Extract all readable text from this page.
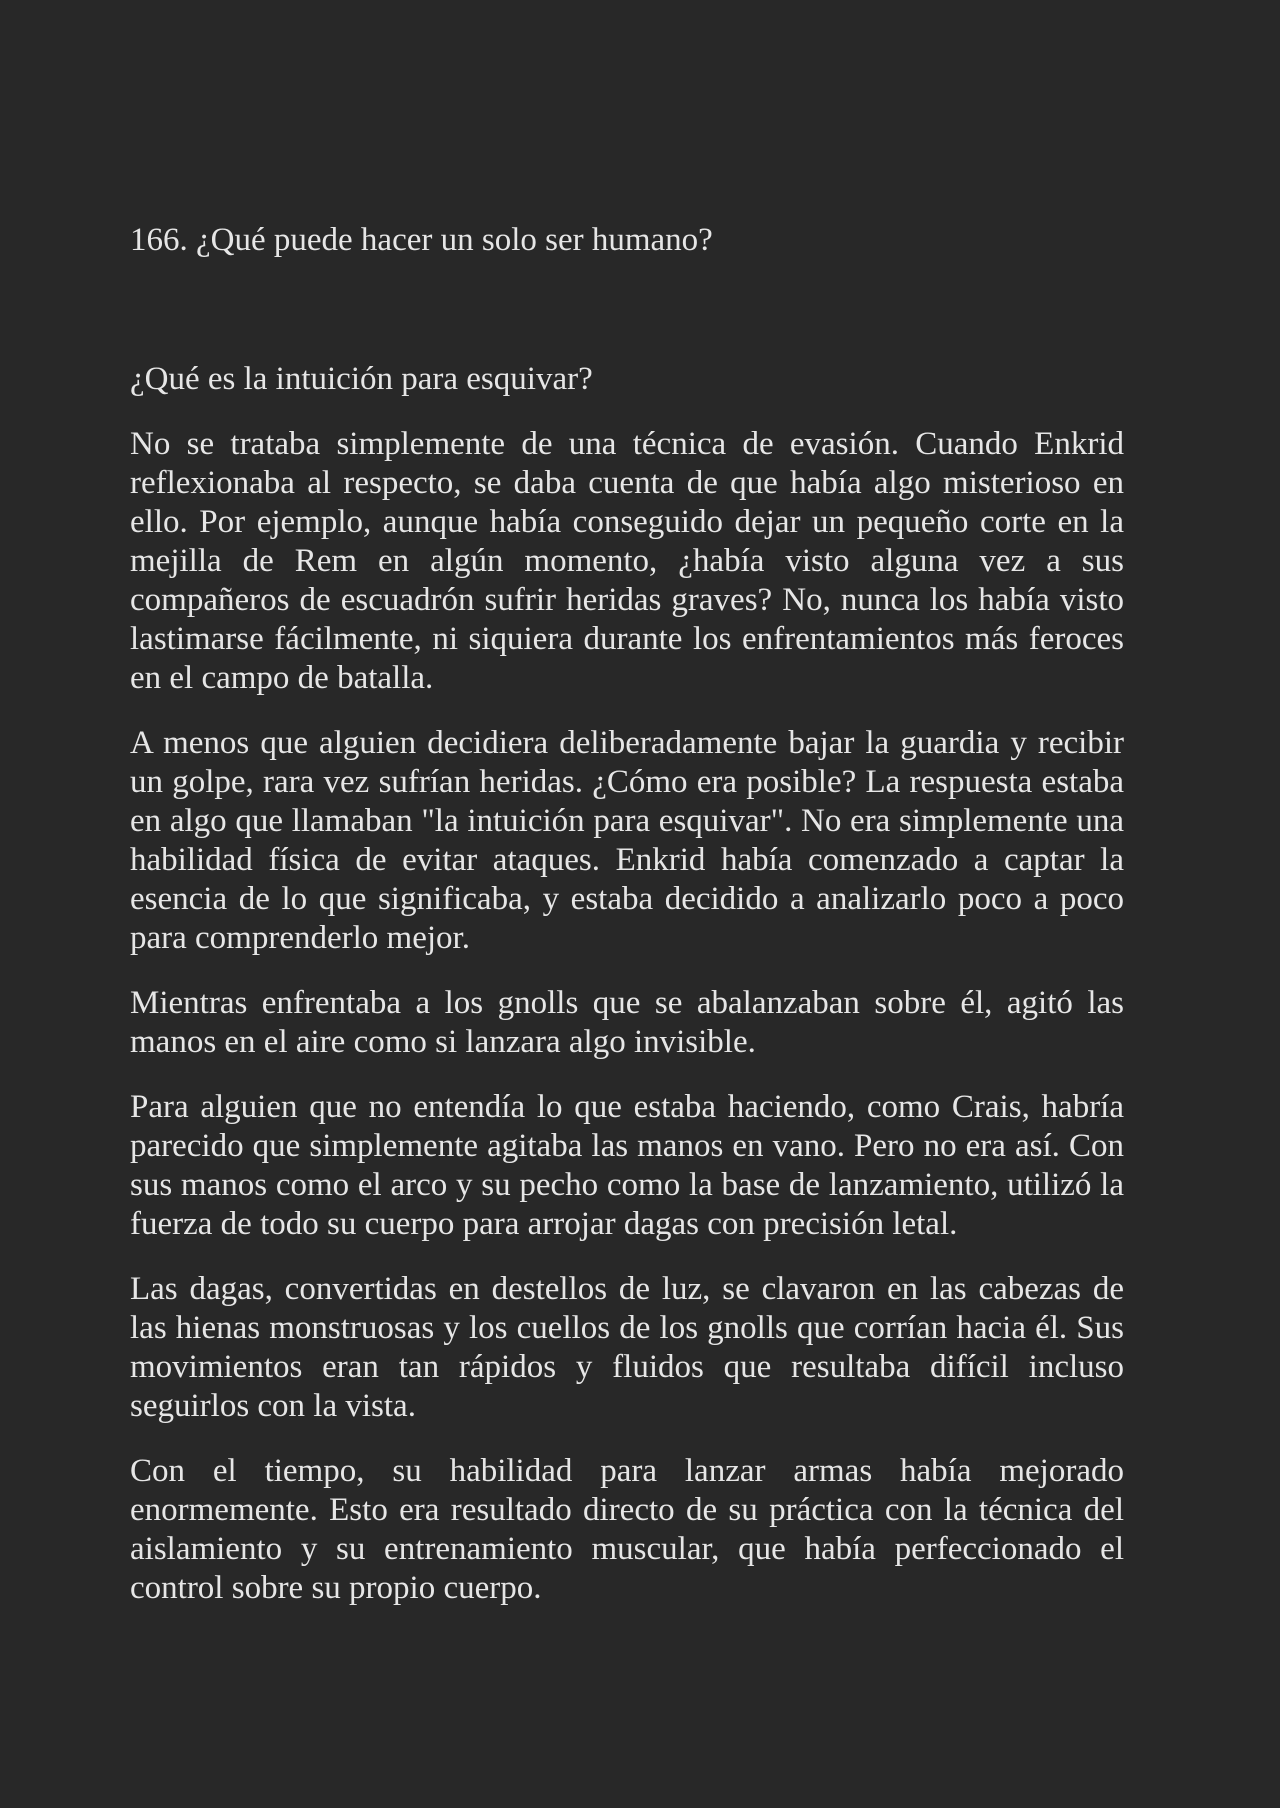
166. ¿Qué puede hacer un solo ser humano?

¿Qué es la intuición para esquivar?

No se trataba simplemente de una técnica de evasión. Cuando Enkrid reflexionaba al respecto, se daba cuenta de que había algo misterioso en ello. Por ejemplo, aunque había conseguido dejar un pequeño corte en la mejilla de Rem en algún momento, ¿había visto alguna vez a sus compañeros de escuadrón sufrir heridas graves? No, nunca los había visto lastimarse fácilmente, ni siquiera durante los enfrentamientos más feroces en el campo de batalla.

A menos que alguien decidiera deliberadamente bajar la guardia y recibir un golpe, rara vez sufrían heridas. ¿Cómo era posible? La respuesta estaba en algo que llamaban "la intuición para esquivar". No era simplemente una habilidad física de evitar ataques. Enkrid había comenzado a captar la esencia de lo que significaba, y estaba decidido a analizarlo poco a poco para comprenderlo mejor.

Mientras enfrentaba a los gnolls que se abalanzaban sobre él, agitó las manos en el aire como si lanzara algo invisible.

Para alguien que no entendía lo que estaba haciendo, como Crais, habría parecido que simplemente agitaba las manos en vano. Pero no era así. Con sus manos como el arco y su pecho como la base de lanzamiento, utilizó la fuerza de todo su cuerpo para arrojar dagas con precisión letal.

Las dagas, convertidas en destellos de luz, se clavaron en las cabezas de las hienas monstruosas y los cuellos de los gnolls que corrían hacia él. Sus movimientos eran tan rápidos y fluidos que resultaba difícil incluso seguirlos con la vista.

Con el tiempo, su habilidad para lanzar armas había mejorado enormemente. Esto era resultado directo de su práctica con la técnica del aislamiento y su entrenamiento muscular, que había perfeccionado el control sobre su propio cuerpo.
